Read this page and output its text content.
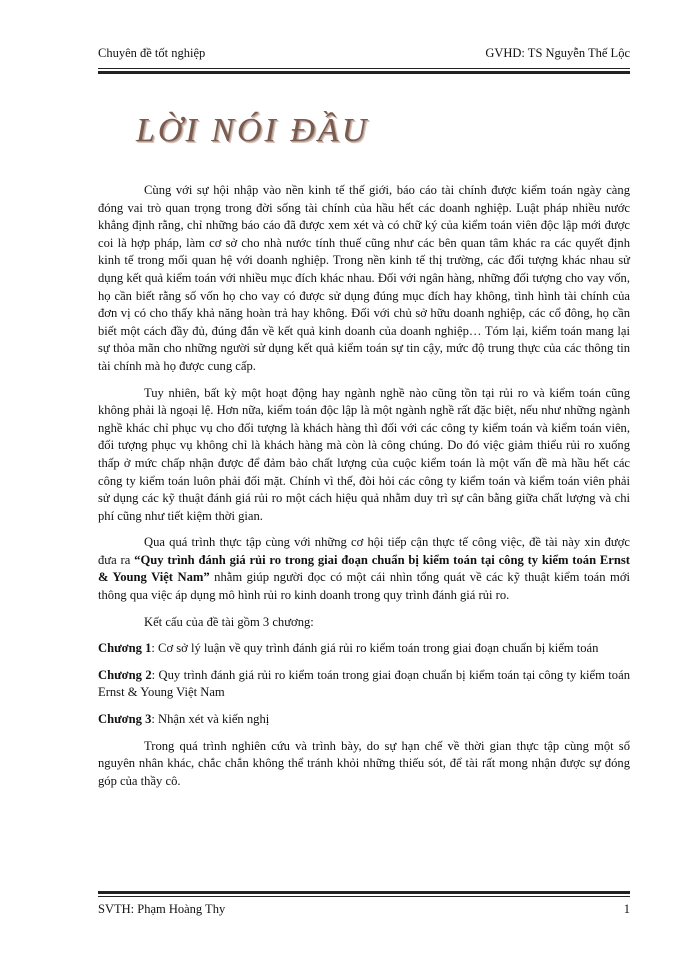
Chuyên đề tốt nghiệp	GVHD: TS Nguyễn Thế Lộc
LỜI NÓI ĐẦU

Cùng với sự hội nhập vào nền kinh tế thế giới, báo cáo tài chính được kiểm toán ngày càng đóng vai trò quan trọng trong đời sống tài chính của hầu hết các doanh nghiệp. Luật pháp nhiều nước khẳng định rằng, chỉ những báo cáo đã được xem xét và có chữ ký của kiểm toán viên độc lập mới được coi là hợp pháp, làm cơ sở cho nhà nước tính thuế cũng như các bên quan tâm khác ra các quyết định kinh tế trong mối quan hệ với doanh nghiệp. Trong nền kinh tế thị trường, các đối tượng khác nhau sử dụng kết quả kiểm toán với nhiều mục đích khác nhau. Đối với ngân hàng, những đối tượng cho vay vốn, họ cần biết rằng số vốn họ cho vay có được sử dụng đúng mục đích hay không, tình hình tài chính của đơn vị có cho thấy khả năng hoàn trả hay không. Đối với chủ sở hữu doanh nghiệp, các cổ đông, họ cần biết một cách đầy đủ, đúng đắn về kết quả kinh doanh của doanh nghiệp… Tóm lại, kiểm toán mang lại sự thỏa mãn cho những người sử dụng kết quả kiểm toán sự tin cậy, mức độ trung thực của các thông tin tài chính mà họ được cung cấp.

Tuy nhiên, bất kỳ một hoạt động hay ngành nghề nào cũng tồn tại rủi ro và kiểm toán cũng không phải là ngoại lệ. Hơn nữa, kiểm toán độc lập là một ngành nghề rất đặc biệt, nếu như những ngành nghề khác chỉ phục vụ cho đối tượng là khách hàng thì đối với các công ty kiểm toán và kiểm toán viên, đối tượng phục vụ không chỉ là khách hàng mà còn là công chúng. Do đó việc giảm thiểu rủi ro xuống thấp ở mức chấp nhận được để đảm bảo chất lượng của cuộc kiểm toán là một vấn đề mà hầu hết các công ty kiểm toán luôn phải đối mặt. Chính vì thế, đòi hỏi các công ty kiểm toán và kiểm toán viên phải sử dụng các kỹ thuật đánh giá rủi ro một cách hiệu quả nhằm duy trì sự cân bằng giữa chất lượng và chi phí cũng như tiết kiệm thời gian.

Qua quá trình thực tập cùng với những cơ hội tiếp cận thực tế công việc, đề tài này xin được đưa ra “Quy trình đánh giá rủi ro trong giai đoạn chuẩn bị kiểm toán tại công ty kiểm toán Ernst & Young Việt Nam” nhằm giúp người đọc có một cái nhìn tổng quát về các kỹ thuật kiểm toán mới thông qua việc áp dụng mô hình rủi ro kinh doanh trong quy trình đánh giá rủi ro.

Kết cấu của đề tài gồm 3 chương:

Chương 1: Cơ sở lý luận về quy trình đánh giá rủi ro kiểm toán trong giai đoạn chuẩn bị kiểm toán

Chương 2: Quy trình đánh giá rủi ro kiểm toán trong giai đoạn chuẩn bị kiểm toán tại công ty kiểm toán Ernst & Young Việt Nam

Chương 3: Nhận xét và kiến nghị

Trong quá trình nghiên cứu và trình bày, do sự hạn chế về thời gian thực tập cùng một số nguyên nhân khác, chắc chắn không thể tránh khỏi những thiếu sót, để tài rất mong nhận được sự đóng góp của thầy cô.

SVTH: Phạm Hoàng Thy	1
